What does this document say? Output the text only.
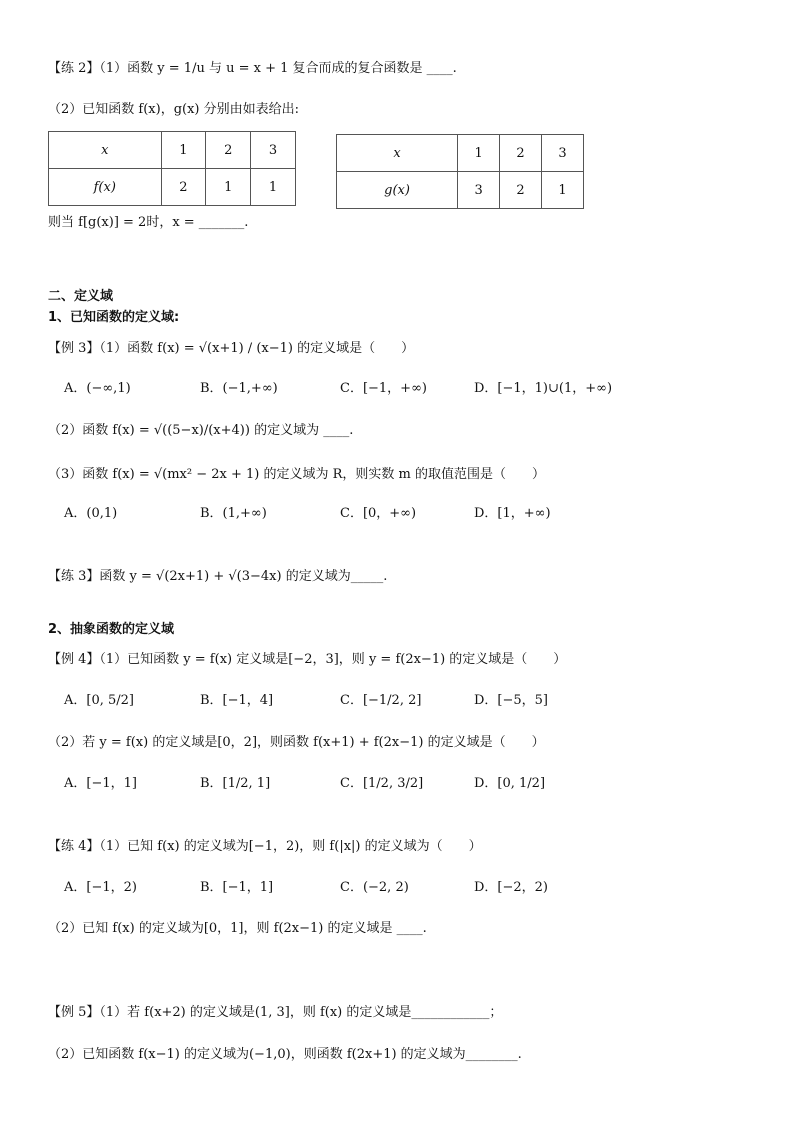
【练 2】（1）函数 y = 1/u 与 u = x + 1 复合而成的复合函数是 ____.
（2）已知函数 f(x)，g(x) 分别由如表给出:
x	1	2	3
f(x)	2	1	1
x	1	2	3
g(x)	3	2	1
则当 f[g(x)] = 2时，x = _______.
二、定义域
1、已知函数的定义域:
【例 3】（1）函数 f(x) = √(x+1) / (x−1) 的定义域是（　　）
A．(−∞,1)	B．(−1,+∞)	C．[−1，+∞)	D．[−1，1)∪(1，+∞)
（2）函数 f(x) = √((5−x)/(x+4)) 的定义域为 ____.
（3）函数 f(x) = √(mx² − 2x + 1) 的定义域为 R，则实数 m 的取值范围是（　　）
A．(0,1)	B．(1,+∞)	C．[0，+∞)	D．[1，+∞)
【练 3】函数 y = √(2x+1) + √(3−4x) 的定义域为_____.
2、抽象函数的定义域
【例 4】（1）已知函数 y = f(x) 定义域是[−2，3]，则 y = f(2x−1) 的定义域是（　　）
A．[0, 5/2]	B．[−1，4]	C．[−1/2, 2]	D．[−5，5]
（2）若 y = f(x) 的定义域是[0，2]，则函数 f(x+1) + f(2x−1) 的定义域是（　　）
A．[−1，1]	B．[1/2, 1]	C．[1/2, 3/2]	D．[0, 1/2]
【练 4】（1）已知 f(x) 的定义域为[−1，2)，则 f(|x|) 的定义域为（　　）
A．[−1，2)	B．[−1，1]	C．(−2, 2)	D．[−2，2)
（2）已知 f(x) 的定义域为[0，1]，则 f(2x−1) 的定义域是 ____.
【例 5】（1）若 f(x+2) 的定义域是(1, 3]，则 f(x) 的定义域是____________；
（2）已知函数 f(x−1) 的定义域为(−1,0)，则函数 f(2x+1) 的定义域为________.
